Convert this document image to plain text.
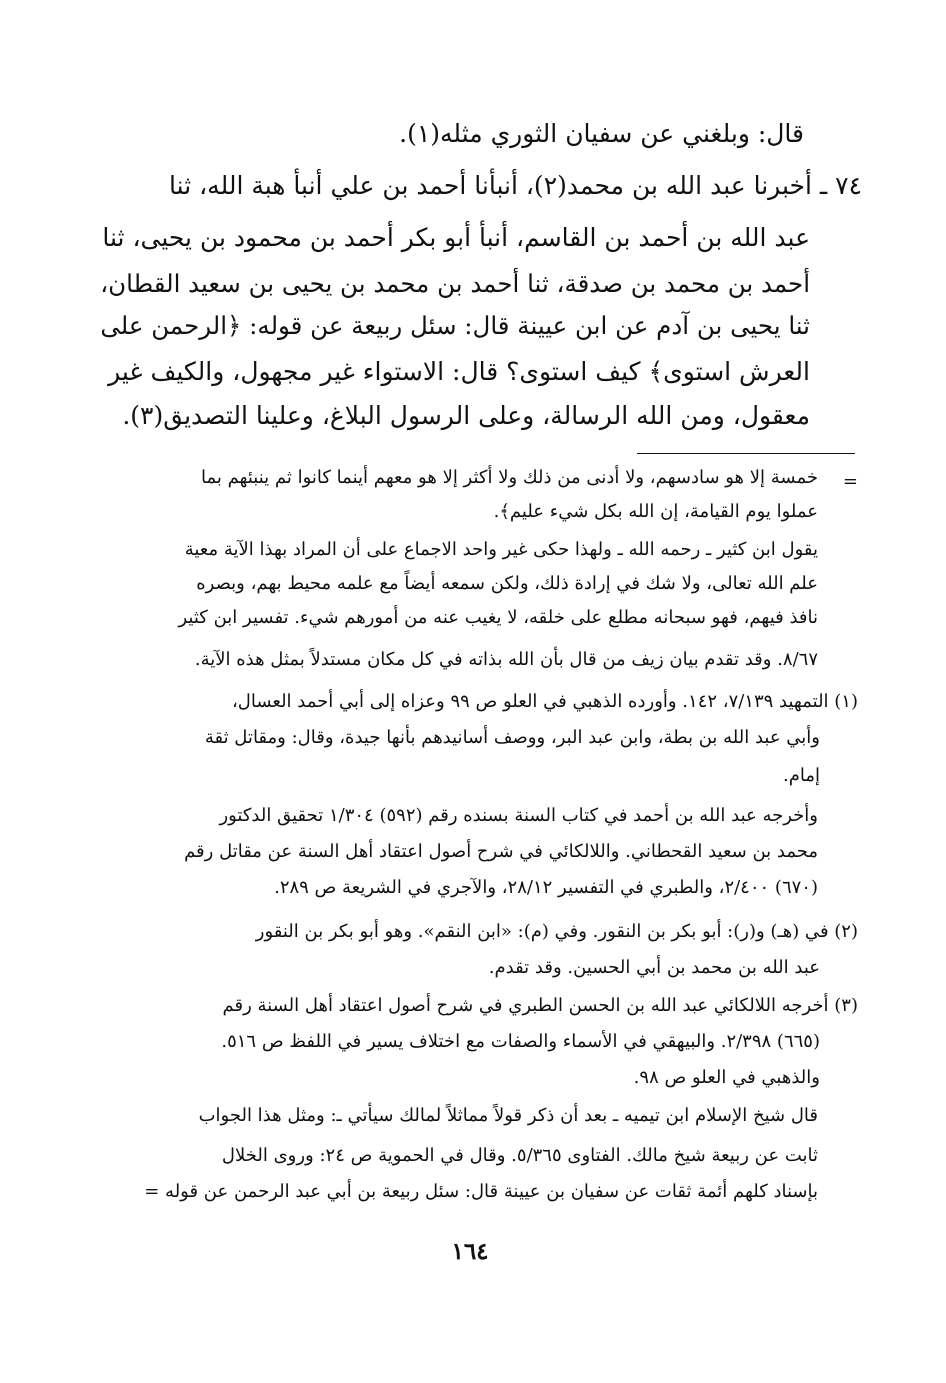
قال: وبلغني عن سفيان الثوري مثله(١).
٧٤ ـ أخبرنا عبد الله بن محمد(٢)، أنبأنا أحمد بن علي أنبأ هبة الله، ثنا
عبد الله بن أحمد بن القاسم، أنبأ أبو بكر أحمد بن محمود بن يحيى، ثنا
أحمد بن محمد بن صدقة، ثنا أحمد بن محمد بن يحيى بن سعيد القطان،
ثنا يحيى بن آدم عن ابن عيينة قال: سئل ربيعة عن قوله: ﴿الرحمن على
العرش استوى﴾ كيف استوى؟ قال: الاستواء غير مجهول، والكيف غير
معقول، ومن الله الرسالة، وعلى الرسول البلاغ، وعلينا التصديق(٣).
=
خمسة إلا هو سادسهم، ولا أدنى من ذلك ولا أكثر إلا هو معهم أينما كانوا ثم ينبئهم بما
عملوا يوم القيامة، إن الله بكل شيء عليم﴾.
يقول ابن كثير ـ رحمه الله ـ ولهذا حكى غير واحد الاجماع على أن المراد بهذا الآية معية
علم الله تعالى، ولا شك في إرادة ذلك، ولكن سمعه أيضاً مع علمه محيط بهم، وبصره
نافذ فيهم، فهو سبحانه مطلع على خلقه، لا يغيب عنه من أمورهم شيء. تفسير ابن كثير
٨/٦٧. وقد تقدم بيان زيف من قال بأن الله بذاته في كل مكان مستدلاً بمثل هذه الآية.
(١) التمهيد ٧/١٣٩، ١٤٢. وأورده الذهبي في العلو ص ٩٩ وعزاه إلى أبي أحمد العسال،
وأبي عبد الله بن بطة، وابن عبد البر، ووصف أسانيدهم بأنها جيدة، وقال: ومقاتل ثقة
إمام.
وأخرجه عبد الله بن أحمد في كتاب السنة بسنده رقم (٥٩٢) ١/٣٠٤ تحقيق الدكتور
محمد بن سعيد القحطاني. واللالكائي في شرح أصول اعتقاد أهل السنة عن مقاتل رقم
(٦٧٠) ٢/٤٠٠، والطبري في التفسير ٢٨/١٢، والآجري في الشريعة ص ٢٨٩.
(٢) في (هـ) و(ر): أبو بكر بن النقور. وفي (م): «ابن النقم». وهو أبو بكر بن النقور
عبد الله بن محمد بن أبي الحسين. وقد تقدم.
(٣) أخرجه اللالكائي عبد الله بن الحسن الطبري في شرح أصول اعتقاد أهل السنة رقم
(٦٦٥) ٢/٣٩٨. والبيهقي في الأسماء والصفات مع اختلاف يسير في اللفظ ص ٥١٦.
والذهبي في العلو ص ٩٨.
قال شيخ الإسلام ابن تيميه ـ بعد أن ذكر قولاً مماثلاً لمالك سيأتي ـ: ومثل هذا الجواب
ثابت عن ربيعة شيخ مالك. الفتاوى ٥/٣٦٥. وقال في الحموية ص ٢٤: وروى الخلال
بإسناد كلهم أئمة ثقات عن سفيان بن عيينة قال: سئل ربيعة بن أبي عبد الرحمن عن قوله =
١٦٤
